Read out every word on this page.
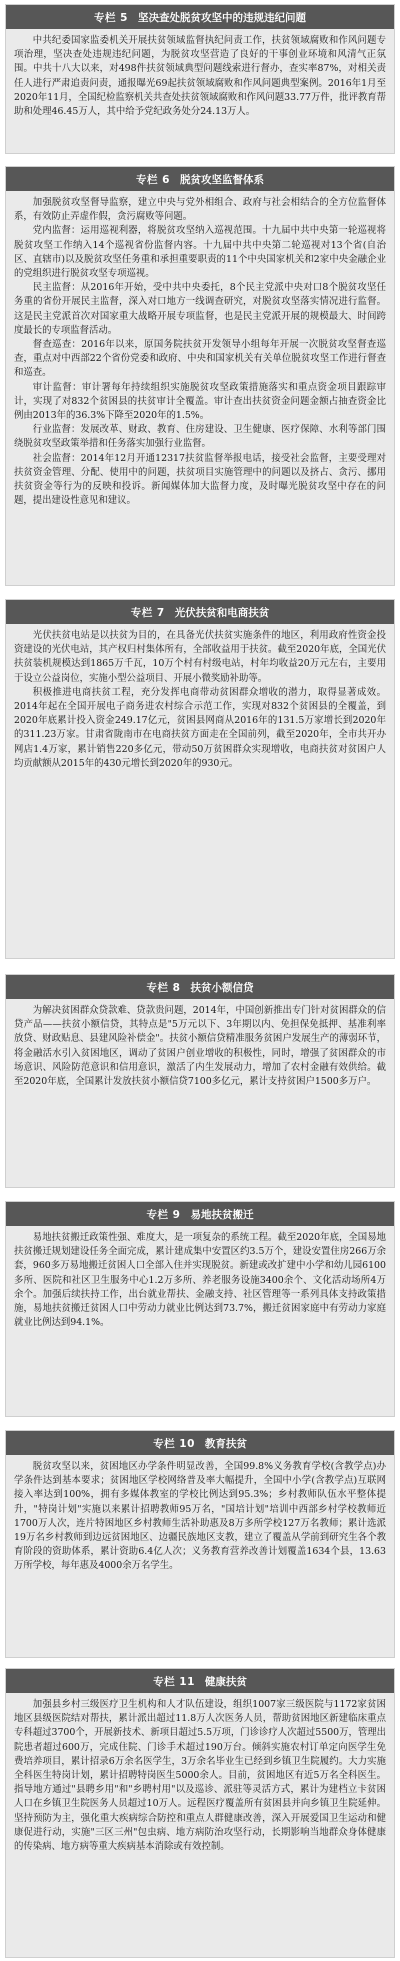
专栏 5 坚决查处脱贫攻坚中的违规违纪问题

中共纪委国家监委机关开展扶贫领域监督执纪问责工作，扶贫领域腐败和作风问题专项治理，坚决查处违规违纪问题，为脱贫攻坚营造了良好的干事创业环境和风清气正氛围。中共十八大以来，对498件扶贫领域典型问题线索进行督办，查实率87%，对相关责任人进行严肃追责问责，通报曝光69起扶贫领域腐败和作风问题典型案例。2016年1月至2020年11月，全国纪检监察机关共查处扶贫领域腐败和作风问题33.77万件，批评教育帮助和处理46.45万人，其中给予党纪政务处分24.13万人。

专栏 6 脱贫攻坚监督体系

加强脱贫攻坚督导监察，建立中央与党外相组合、政府与社会相结合的全方位监督体系，有效防止弄虚作假，贪污腐败等问题。

党内监督：运用巡视利器，将脱贫攻坚纳入巡视范围。十九届中共中央第一轮巡视将脱贫攻坚工作纳入14个巡视省份监督内容。十九届中共中央第二轮巡视对13个省(自治区、直辖市)以及脱贫攻坚任务重和承担重要职责的11个中央国家机关和2家中央金融企业的党组织进行脱贫攻坚专项巡视。

民主监督：从2016年开始，受中共中央委托，8个民主党派中央对口8个脱贫攻坚任务重的省份开展民主监督，深入对口地方一线调查研究，对脱贫攻坚落实情况进行监督。这是民主党派首次对国家重大战略开展专项监督，也是民主党派开展的规模最大、时间跨度最长的专项监督活动。

督查巡查：2016年以来，原国务院扶贫开发领导小组每年开展一次脱贫攻坚督查巡查，重点对中西部22个省份党委和政府、中央和国家机关有关单位脱贫攻坚工作进行督查和巡查。

审计监督：审计署每年持续组织实施脱贫攻坚政策措施落实和重点资金项目跟踪审计，实现了对832个贫困县的扶贫审计全覆盖。审计查出扶贫资金问题金额占抽查资金比例由2013年的36.3%下降至2020年的1.5%。

行业监督：发展改革、财政、教育、住房建设、卫生健康、医疗保障、水利等部门围绕脱贫攻坚政策举措和任务落实加强行业监督。

社会监督：2014年12月开通12317扶贫监督举报电话，接受社会监督，主要受理对扶贫资金管理、分配、使用中的问题，扶贫项目实施管理中的问题以及挤占、贪污、挪用扶贫资金等行为的反映和投诉。新闻媒体加大监督力度，及时曝光脱贫攻坚中存在的问题，提出建设性意见和建议。

专栏 7 光伏扶贫和电商扶贫

光伏扶贫电站是以扶贫为目的，在具备光伏扶贫实施条件的地区，利用政府性资金投资建设的光伏电站，其产权归村集体所有，全部收益用于扶贫。截至2020年底，全国光伏扶贫装机规模达到1865万千瓦，10万个村有村级电站，村年均收益20万元左右，主要用于设立公益岗位，实施小型公益项目、开展小微奖励补助等。

积极推进电商扶贫工程，充分发挥电商带动贫困群众增收的潜力，取得显著成效。2014年起在全国开展电子商务进农村综合示范工作，实现对832个贫困县的全覆盖，到2020年底累计投入资金249.17亿元，贫困县网商从2016年的131.5万家增长到2020年的311.23万家。甘肃省陇南市在电商扶贫方面走在全国前列，截至2020年，全市共开办网店1.4万家，累计销售220多亿元，带动50万贫困群众实现增收，电商扶贫对贫困户人均贡献额从2015年的430元增长到2020年的930元。

专栏 8 扶贫小额信贷

为解决贫困群众贷款难、贷款贵问题，2014年，中国创新推出专门针对贫困群众的信贷产品——扶贫小额信贷，其特点是"5万元以下、3年期以内、免担保免抵押、基准利率放贷、财政贴息、县建风险补偿金"。扶贫小额信贷精准服务贫困户发展生产的薄弱环节，将金融活水引入贫困地区，调动了贫困户创业增收的积极性，同时，增强了贫困群众的市场意识、风险防范意识和信用意识，激活了内生发展动力，增加了农村金融有效供给。截至2020年底，全国累计发放扶贫小额信贷7100多亿元，累计支持贫困户1500多万户。

专栏 9 易地扶贫搬迁

易地扶贫搬迁政策性强、难度大，是一项复杂的系统工程。截至2020年底，全国易地扶贫搬迁规划建设任务全面完成，累计建成集中安置区约3.5万个，建设安置住房266万余套，960多万易地搬迁贫困人口全部入住并实现脱贫。新建或改扩建中小学和幼儿园6100多所、医院和社区卫生服务中心1.2万多所、养老服务设施3400余个、文化活动场所4万余个。加强后续扶持工作，出台就业帮扶、金融支持、社区管理等一系列具体支持政策措施，易地扶贫搬迁贫困人口中劳动力就业比例达到73.7%，搬迁贫困家庭中有劳动力家庭就业比例达到94.1%。

专栏 10 教育扶贫

脱贫攻坚以来，贫困地区办学条件明显改善，全国99.8%义务教育学校(含教学点)办学条件达到基本要求；贫困地区学校网络普及率大幅提升，全国中小学(含教学点)互联网接入率达到100%，拥有多媒体教室的学校比例达到95.3%；乡村教师队伍水平整体提升，"特岗计划"实施以来累计招聘教师95万名，"国培计划"培训中西部乡村学校教师近1700万人次，连片特困地区乡村教师生活补助惠及8万多所学校127万名教师；累计选派19万名乡村教师到边远贫困地区、边疆民族地区支教，建立了覆盖从学前到研究生各个教育阶段的资助体系，累计资助6.4亿人次；义务教育营养改善计划覆盖1634个县，13.63万所学校，每年惠及4000余万名学生。

专栏 11 健康扶贫

加强县乡村三级医疗卫生机构和人才队伍建设，组织1007家三级医院与1172家贫困地区县级医院结对帮扶，累计派出超过11.8万人次医务人员，帮助贫困地区新建临床重点专科超过3700个，开展新技术、新项目超过5.5万项，门诊诊疗人次超过5500万，管理出院患者超过600万，完成住院、门诊手术超过190万台。倾斜实施农村订单定向医学生免费培养项目，累计招录6万余名医学生，3万余名毕业生已经到乡镇卫生院履约。大力实施全科医生特岗计划，累计招聘特岗医生5000余人。目前，贫困地区有近5万名全科医生。指导地方通过"县聘乡用"和"乡聘村用"以及巡诊、派驻等灵活方式，累计为建档立卡贫困人口在乡镇卫生院医务人员超过10万人。远程医疗覆盖所有贫困县并向乡镇卫生院延伸。坚持预防为主，强化重大疾病综合防控和重点人群健康改善，深入开展爱国卫生运动和健康促进行动，实施"三区三州"包虫病、地方病防治攻坚行动，长期影响当地群众身体健康的传染病、地方病等重大疾病基本消除或有效控制。
